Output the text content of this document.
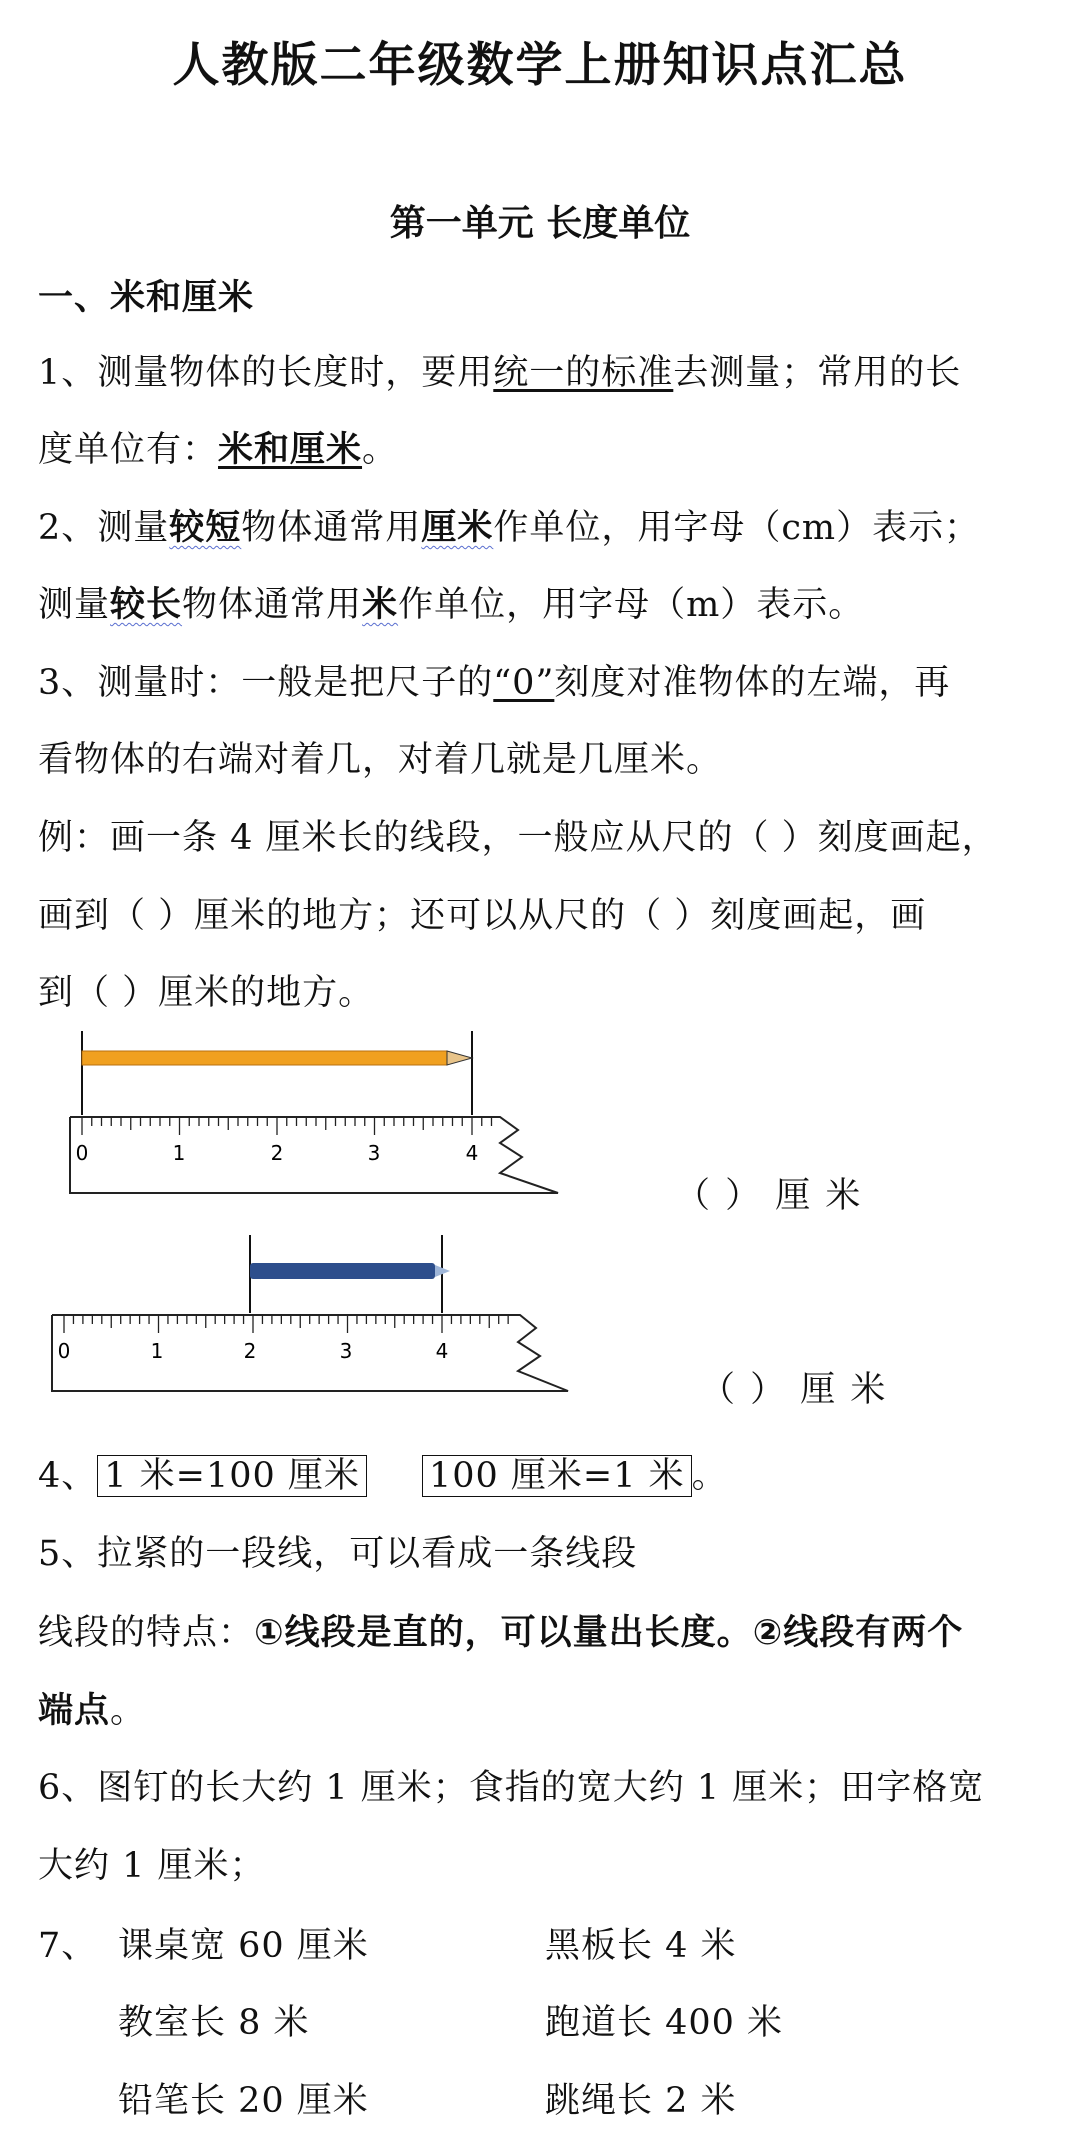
人教版二年级数学上册知识点汇总
第一单元 长度单位
一、米和厘米
1、测量物体的长度时，要用统一的标准去测量；常用的长
度单位有：米和厘米。
2、测量较短物体通常用厘米作单位，用字母（cm）表示；
测量较长物体通常用米作单位，用字母（m）表示。
3、测量时：一般是把尺子的“0”刻度对准物体的左端，再
看物体的右端对着几，对着几就是几厘米。
例：画一条 4 厘米长的线段，一般应从尺的（ ）刻度画起，
画到（ ）厘米的地方；还可以从尺的（ ）刻度画起，画
到（ ）厘米的地方。
0	1	2	3	4
（ ） 厘 米
0	1	2	3	4
（ ） 厘 米
4、 1 米=100 厘米 100 厘米=1 米 。
5、拉紧的一段线，可以看成一条线段
线段的特点：①线段是直的，可以量出长度。②线段有两个
端点。
6、图钉的长大约 1 厘米；食指的宽大约 1 厘米；田字格宽
大约 1 厘米；
7、 课桌宽 60 厘米	黑板长 4 米
教室长 8 米	跑道长 400 米
铅笔长 20 厘米	跳绳长 2 米
